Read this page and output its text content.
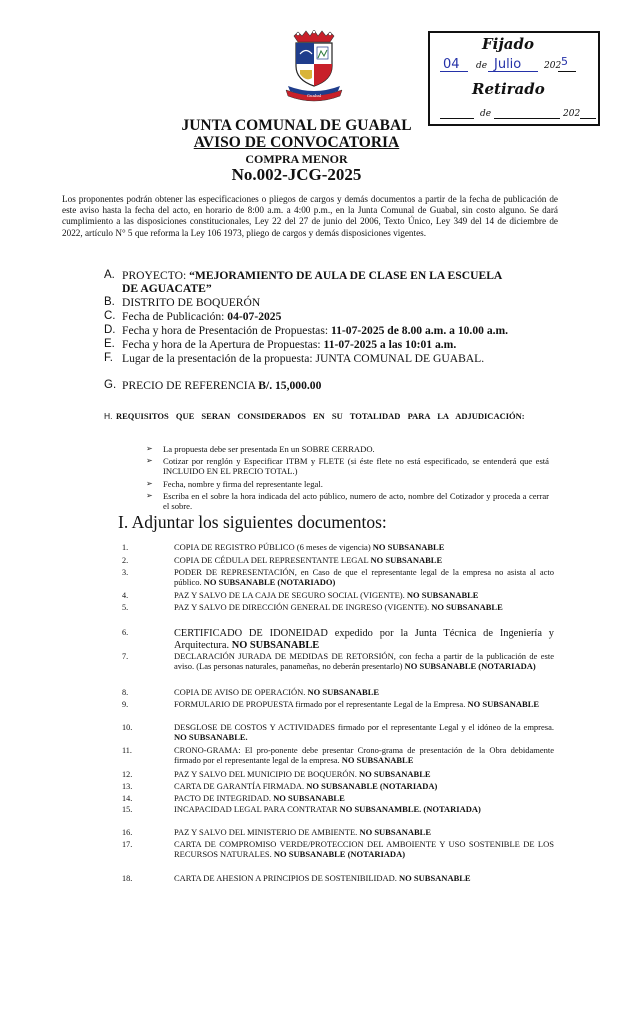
Guabal
Fijado
04 de Julio	202 5
Retirado
de	202
JUNTA COMUNAL DE GUABAL
AVISO DE CONVOCATORIA
COMPRA MENOR
No.002-JCG-2025
Los proponentes podrán obtener las especificaciones o pliegos de cargos y demás documentos a partir de la fecha de publicación de este aviso hasta la fecha del acto, en horario de 8:00 a.m. a 4:00 p.m., en la Junta Comunal de Guabal, sin costo alguno. Se dará cumplimiento a las disposiciones constitucionales, Ley 22 del 27 de junio del 2006, Texto Único, Ley 349 del 14 de diciembre de 2022, artículo N° 5 que reforma la Ley 106 1973, pliego de cargos y demás disposiciones vigentes.
A. PROYECTO: “MEJORAMIENTO DE AULA DE CLASE EN LA ESCUELA
DE AGUACATE”
B. DISTRITO DE BOQUERÓN
C. Fecha de Publicación: 04-07-2025
D. Fecha y hora de Presentación de Propuestas: 11-07-2025 de 8.00 a.m. a 10.00 a.m.
E. Fecha y hora de la Apertura de Propuestas: 11-07-2025 a las 10:01 a.m.
F. Lugar de la presentación de la propuesta: JUNTA COMUNAL DE GUABAL.
G. PRECIO DE REFERENCIA B/. 15,000.00
H. REQUISITOS QUE SERAN CONSIDERADOS EN SU TOTALIDAD PARA LA ADJUDICACIÓN:
➢ La propuesta debe ser presentada En un SOBRE CERRADO.
➢ Cotizar por renglón y Especificar ITBM y FLETE (si éste flete no está especificado, se entenderá que está INCLUIDO EN EL PRECIO TOTAL.)
➢ Fecha, nombre y firma del representante legal.
➢ Escriba en el sobre la hora indicada del acto público, numero de acto, nombre del Cotizador y proceda a cerrar el sobre.
I. Adjuntar los siguientes documentos:
1.	COPIA DE REGISTRO PÚBLICO (6 meses de vigencia) NO SUBSANABLE
2.	COPIA DE CÉDULA DEL REPRESENTANTE LEGAL NO SUBSANABLE
3.	PODER DE REPRESENTACIÓN, en Caso de que el representante legal de la empresa no asista al acto público. NO SUBSANABLE (NOTARIADO)
4.	PAZ Y SALVO DE LA CAJA DE SEGURO SOCIAL (VIGENTE). NO SUBSANABLE
5.	PAZ Y SALVO DE DIRECCIÓN GENERAL DE INGRESO (VIGENTE). NO SUBSANABLE
6.	CERTIFICADO DE IDONEIDAD expedido por la Junta Técnica de Ingeniería y Arquitectura. NO SUBSANABLE
7.	DECLARACIÓN JURADA DE MEDIDAS DE RETORSIÓN, con fecha a partir de la publicación de este aviso. (Las personas naturales, panameñas, no deberán presentarlo) NO SUBSANABLE (NOTARIADA)
8.	COPIA DE AVISO DE OPERACIÓN. NO SUBSANABLE
9.	FORMULARIO DE PROPUESTA firmado por el representante Legal de la Empresa. NO SUBSANABLE
10.	DESGLOSE DE COSTOS Y ACTIVIDADES firmado por el representante Legal y el idóneo de la empresa. NO SUBSANABLE.
11.	CRONO-GRAMA: El pro-ponente debe presentar Crono-grama de presentación de la Obra debidamente firmado por el representante legal de la empresa. NO SUBSANABLE
12.	PAZ Y SALVO DEL MUNICIPIO DE BOQUERÓN. NO SUBSANABLE
13.	CARTA DE GARANTÍA FIRMADA. NO SUBSANABLE (NOTARIADA)
14.	PACTO DE INTEGRIDAD. NO SUBSANABLE
15.	INCAPACIDAD LEGAL PARA CONTRATAR NO SUBSANAMBLE. (NOTARIADA)
16.	PAZ Y SALVO DEL MINISTERIO DE AMBIENTE. NO SUBSANABLE
17.	CARTA DE COMPROMISO VERDE/PROTECCION DEL AMBOIENTE Y USO SOSTENIBLE DE LOS RECURSOS NATURALES. NO SUBSANABLE (NOTARIADA)
18.	CARTA DE AHESION A PRINCIPIOS DE SOSTENIBILIDAD. NO SUBSANABLE
